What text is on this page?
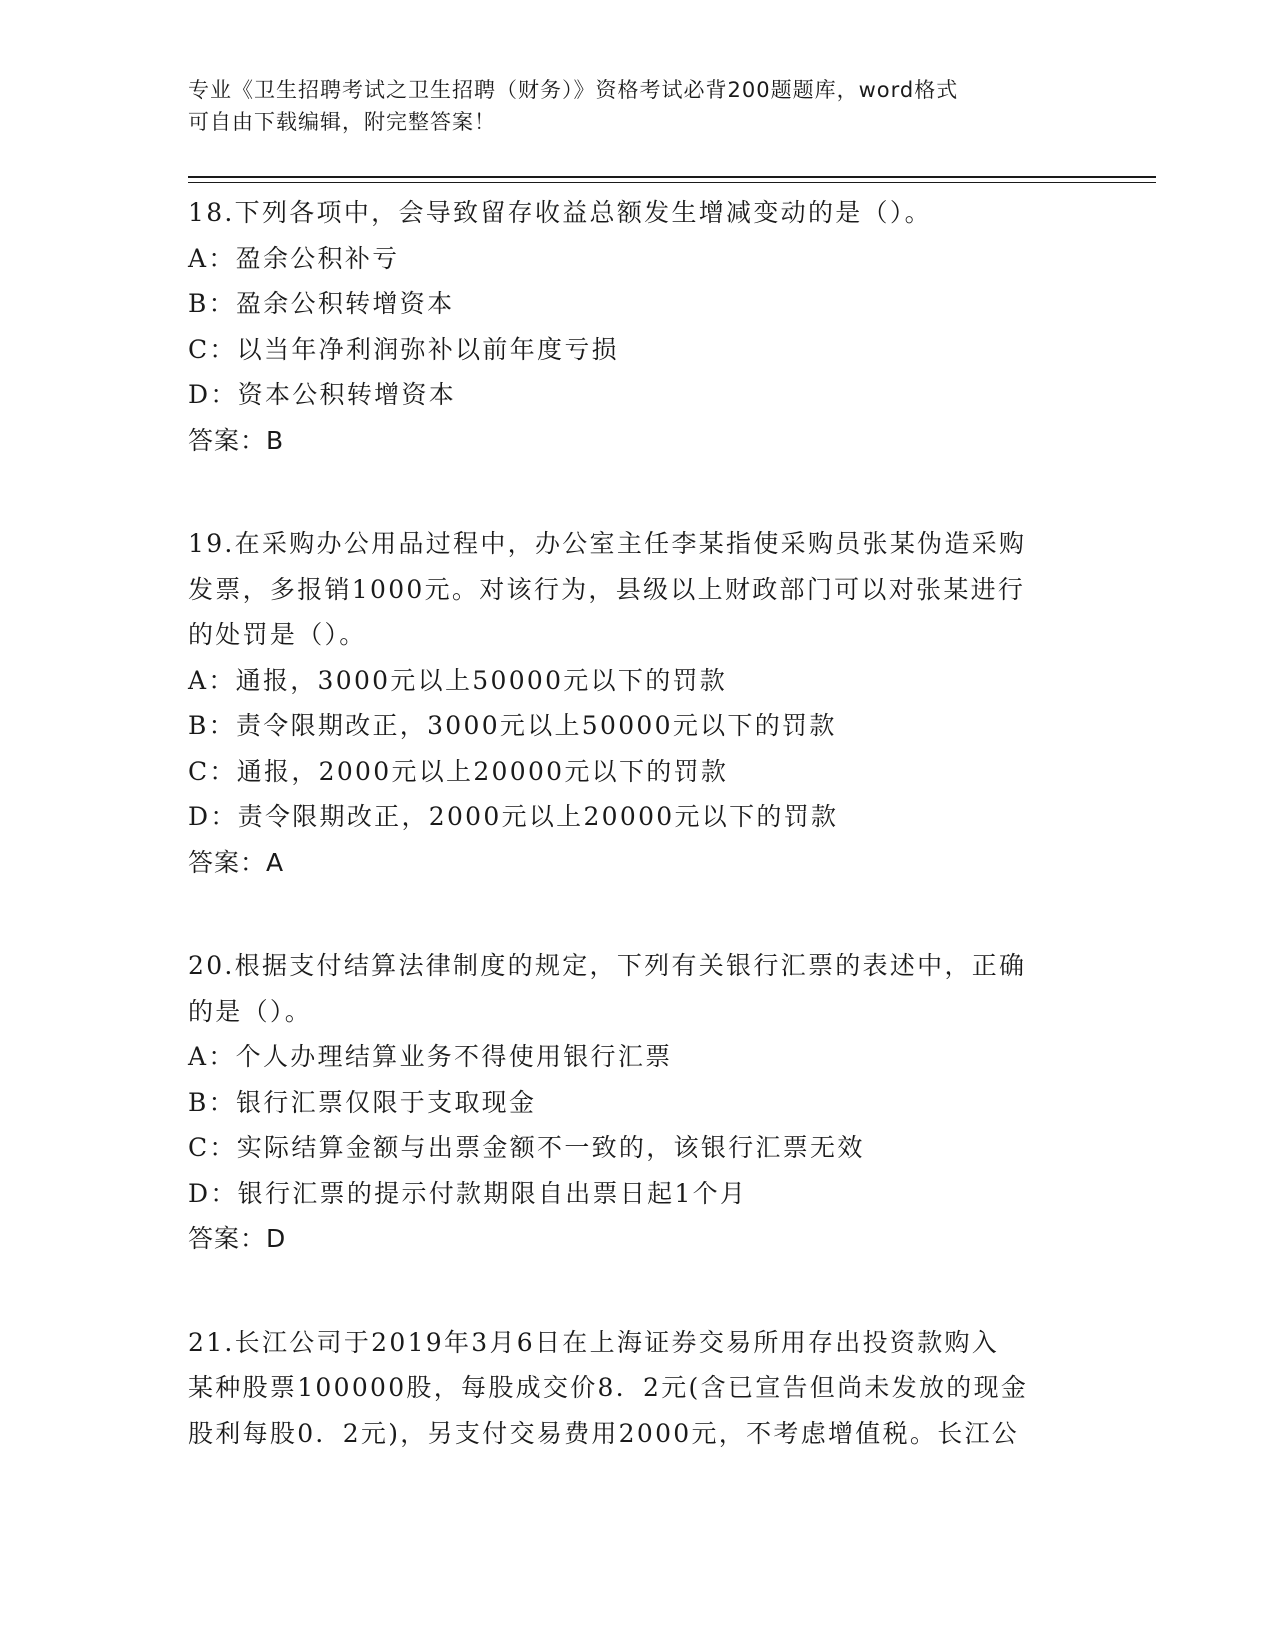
专业《卫生招聘考试之卫生招聘（财务）》资格考试必背200题题库，word格式
可自由下载编辑，附完整答案！
18.下列各项中，会导致留存收益总额发生增减变动的是（）。
A：盈余公积补亏
B：盈余公积转增资本
C：以当年净利润弥补以前年度亏损
D：资本公积转增资本
答案：B
19.在采购办公用品过程中，办公室主任李某指使采购员张某伪造采购
发票，多报销1000元。对该行为，县级以上财政部门可以对张某进行
的处罚是（）。
A：通报，3000元以上50000元以下的罚款
B：责令限期改正，3000元以上50000元以下的罚款
C：通报，2000元以上20000元以下的罚款
D：责令限期改正，2000元以上20000元以下的罚款
答案：A
20.根据支付结算法律制度的规定，下列有关银行汇票的表述中，正确
的是（）。
A：个人办理结算业务不得使用银行汇票
B：银行汇票仅限于支取现金
C：实际结算金额与出票金额不一致的，该银行汇票无效
D：银行汇票的提示付款期限自出票日起1个月
答案：D
21.长江公司于2019年3月6日在上海证券交易所用存出投资款购入
某种股票100000股，每股成交价8．2元(含已宣告但尚未发放的现金
股利每股0．2元)，另支付交易费用2000元，不考虑增值税。长江公
